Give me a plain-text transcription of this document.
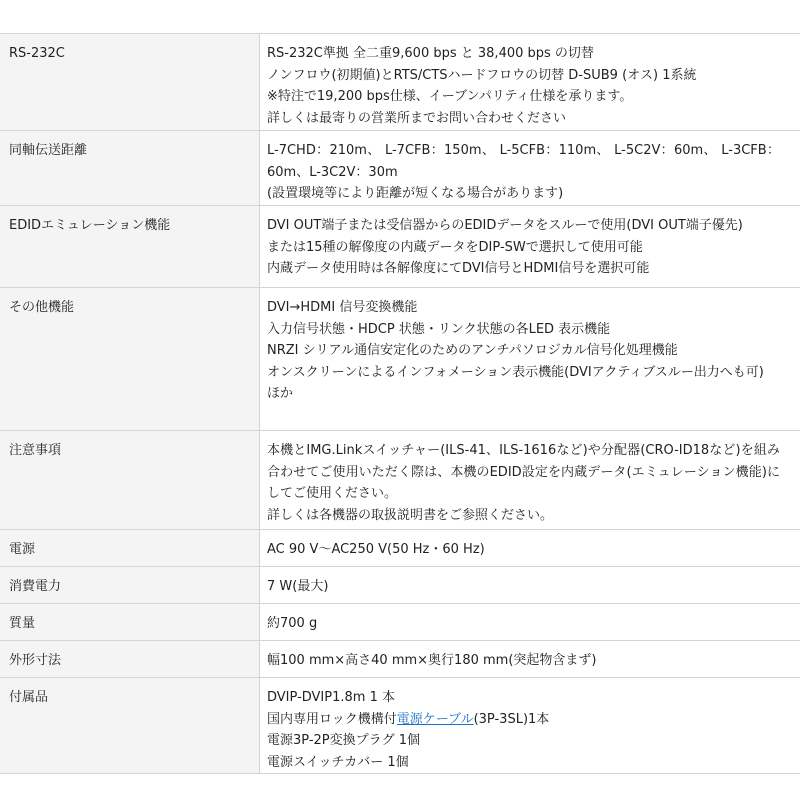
RS-232C	RS-232C準拠 全二重9,600 bps と 38,400 bps の切替
ノンフロウ(初期値)とRTS/CTSハードフロウの切替 D-SUB9 (オス) 1系統
※特注で19,200 bps仕様、イーブンパリティ仕様を承ります。
詳しくは最寄りの営業所までお問い合わせください

同軸伝送距離	L-7CHD：210m、 L-7CFB：150m、 L-5CFB：110m、 L-5C2V：60m、 L-3CFB：60m、L-3C2V：30m
(設置環境等により距離が短くなる場合があります)

EDIDエミュレーション機能	DVI OUT端子または受信器からのEDIDデータをスルーで使用(DVI OUT端子優先)
または15種の解像度の内蔵データをDIP-SWで選択して使用可能
内蔵データ使用時は各解像度にてDVI信号とHDMI信号を選択可能

その他機能	DVI→HDMI 信号変換機能
入力信号状態・HDCP 状態・リンク状態の各LED 表示機能
NRZI シリアル通信安定化のためのアンチパソロジカル信号化処理機能
オンスクリーンによるインフォメーション表示機能(DVIアクティブスルー出力へも可)
ほか

注意事項	本機とIMG.Linkスイッチャー(ILS-41、ILS-1616など)や分配器(CRO-ID18など)を組み合わせてご使用いただく際は、本機のEDID設定を内蔵データ(エミュレーション機能)にしてご使用ください。
詳しくは各機器の取扱説明書をご参照ください。

電源	AC 90 V〜AC250 V(50 Hz・60 Hz)

消費電力	7 W(最大)

質量	約700 g

外形寸法	幅100 mm×高さ40 mm×奥行180 mm(突起物含まず)

付属品	DVIP-DVIP1.8m 1 本
国内専用ロック機構付電源ケーブル(3P-3SL)1本
電源3P-2P変換プラグ 1個
電源スイッチカバー 1個
